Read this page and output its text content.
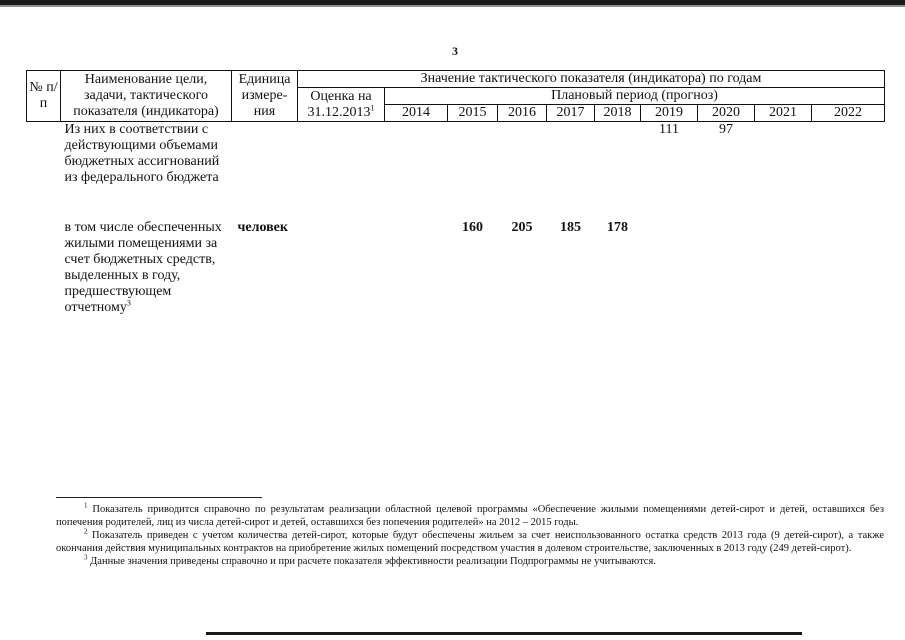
3
№ п/п	Наименование цели, задачи, тактического показателя (индикатора)	Единица измере-ния	Значение тактического показателя (индикатора) по годам									
			Оценка на 31.12.2013$^1$	Плановый период (прогноз)								
				2014	2015	2016	2017	2018	2019	2020	2021	2022
	Из них в соответствии с действующими объемами бюджетных ассигнований из федерального бюджета								111	97		
	в том числе обеспеченных жилыми помещениями за счет бюджетных средств, выделенных в году, предшествующем отчетному$^3$	человек			160	205	185	178				

$^1$ Показатель приводится справочно по результатам реализации областной целевой программы «Обеспечение жилыми помещениями детей-сирот и детей, оставшихся без попечения родителей, лиц из числа детей-сирот и детей, оставшихся без попечения родителей» на 2012 – 2015 годы.

$^2$ Показатель приведен с учетом количества детей-сирот, которые будут обеспечены жильем за счет неиспользованного остатка средств 2013 года (9 детей-сирот), а также окончания действия муниципальных контрактов на приобретение жилых помещений посредством участия в долевом строительстве, заключенных в 2013 году (249 детей-сирот).

$^3$ Данные значения приведены справочно и при расчете показателя эффективности реализации Подпрограммы не учитываются.
